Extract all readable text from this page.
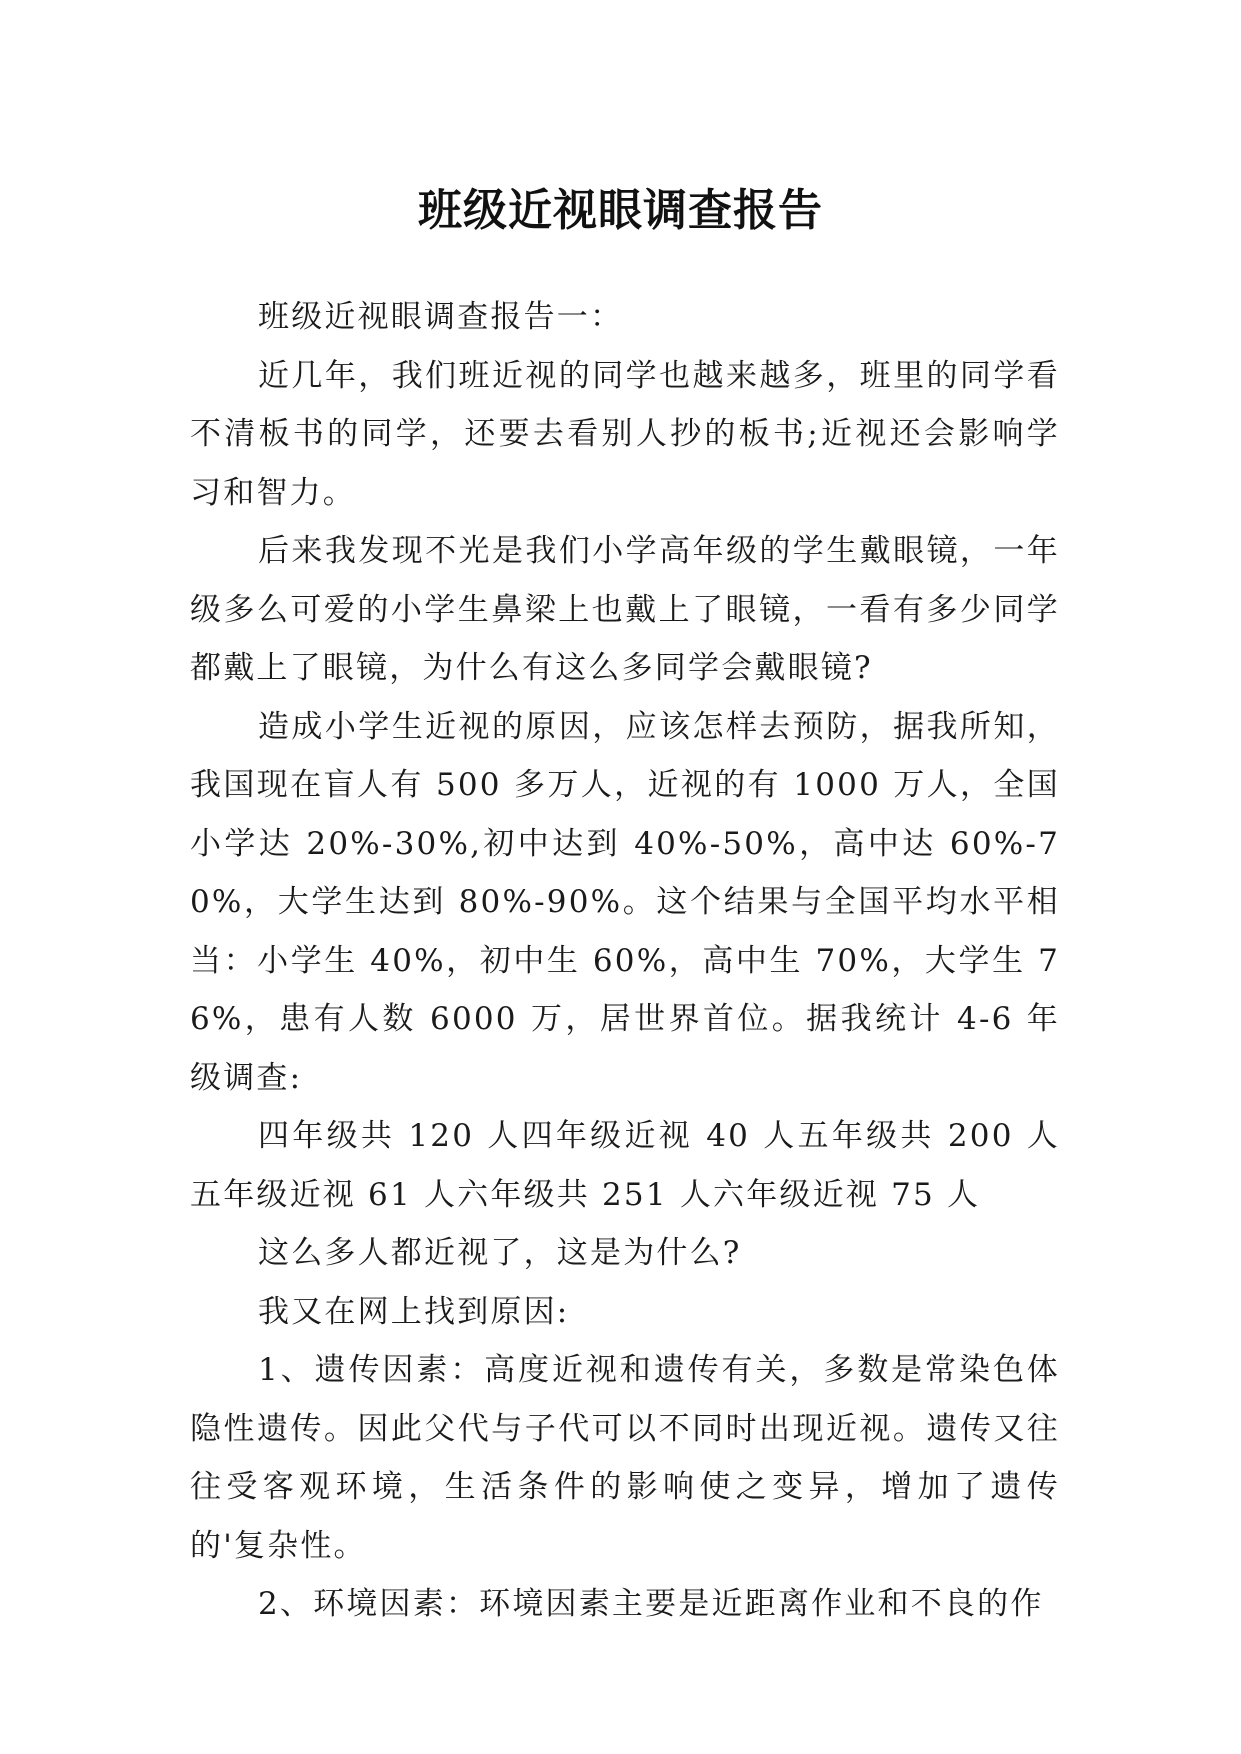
班级近视眼调查报告

班级近视眼调查报告一：

近几年，我们班近视的同学也越来越多，班里的同学看不清板书的同学，还要去看别人抄的板书;近视还会影响学习和智力。

后来我发现不光是我们小学高年级的学生戴眼镜，一年级多么可爱的小学生鼻梁上也戴上了眼镜，一看有多少同学都戴上了眼镜，为什么有这么多同学会戴眼镜?

造成小学生近视的原因，应该怎样去预防，据我所知，我国现在盲人有 500 多万人，近视的有 1000 万人，全国小学达 20%-30%,初中达到 40%-50%，高中达 60%-70%，大学生达到 80%-90%。这个结果与全国平均水平相当：小学生 40%，初中生 60%，高中生 70%，大学生 76%，患有人数 6000 万，居世界首位。据我统计 4-6 年级调查:

四年级共 120 人四年级近视 40 人五年级共 200 人五年级近视 61 人六年级共 251 人六年级近视 75 人

这么多人都近视了，这是为什么?

我又在网上找到原因:

1、遗传因素：高度近视和遗传有关，多数是常染色体隐性遗传。因此父代与子代可以不同时出现近视。遗传又往往受客观环境，生活条件的影响使之变异，增加了遗传的'复杂性。

2、环境因素：环境因素主要是近距离作业和不良的作
